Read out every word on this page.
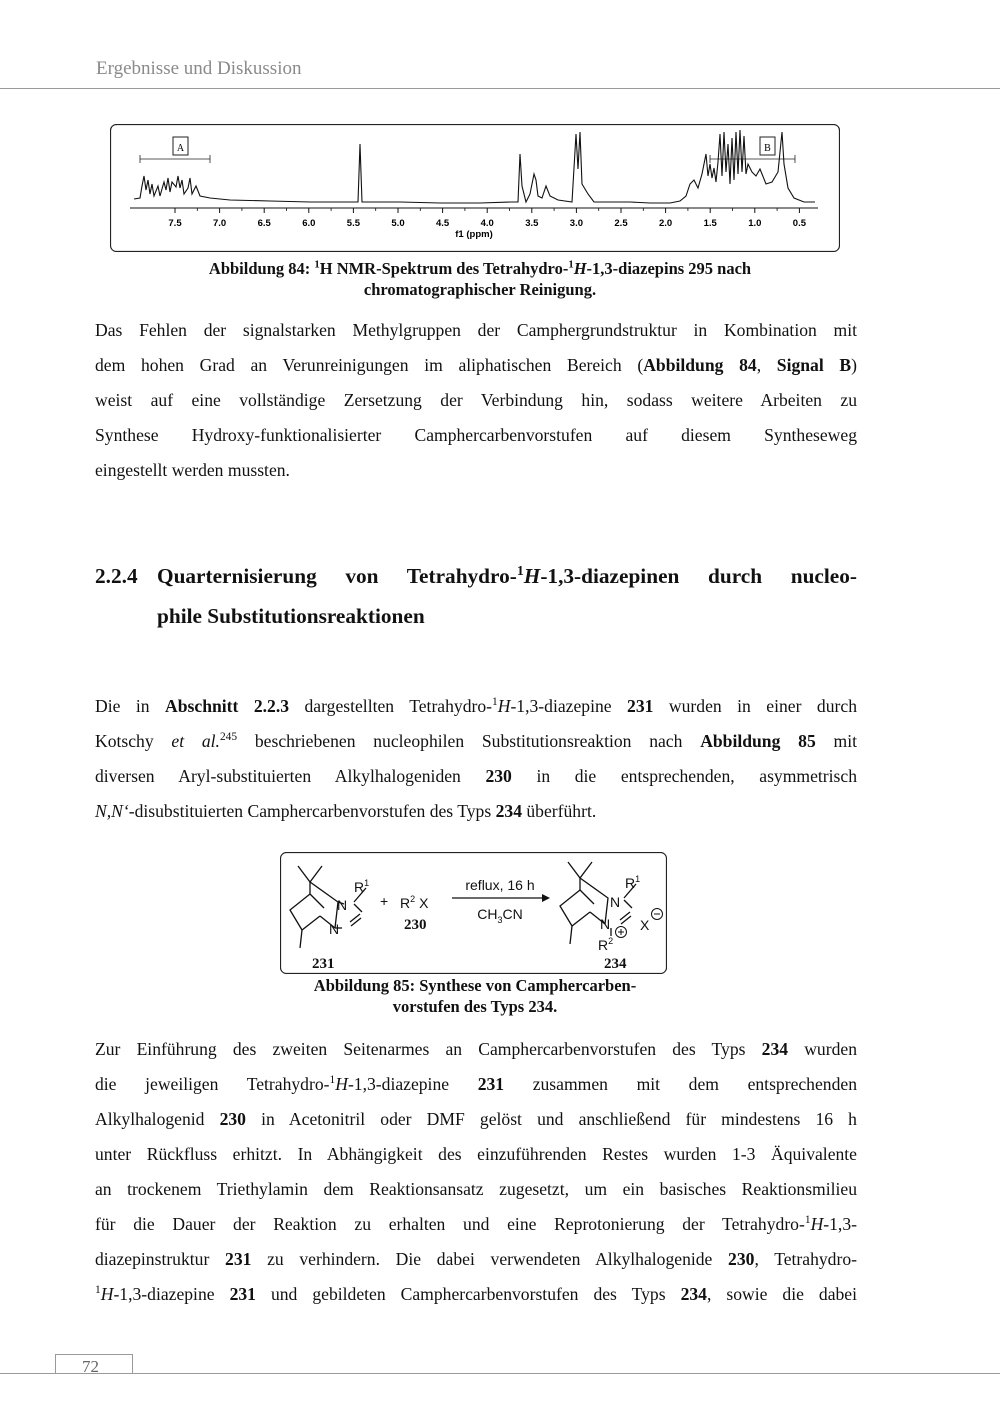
Ergebnisse und Diskussion
A	B
7.5	7.0	6.5	6.0	5.5	5.0	4.5	4.0	3.5	3.0	2.5	2.0	1.5	1.0	0.5
f1 (ppm)
Abbildung 84: $^1$H NMR-Spektrum des Tetrahydro-$^1$H-1,3-diazepins 295 nach
chromatographischer Reinigung.
Das Fehlen der signalstarken Methylgruppen der Camphergrundstruktur in Kombination mit
dem hohen Grad an Verunreinigungen im aliphatischen Bereich (Abbildung 84, Signal B)
weist auf eine vollständige Zersetzung der Verbindung hin, sodass weitere Arbeiten zu
Synthese Hydroxy-funktionalisierter Camphercarbenvorstufen auf diesem Syntheseweg
eingestellt werden mussten.
2.2.4 Quarternisierung von Tetrahydro-$^1$H-1,3-diazepinen durch nucleo-
phile Substitutionsreaktionen
Die in Abschnitt 2.2.3 dargestellten Tetrahydro-$^1$H-1,3-diazepine 231 wurden in einer durch
Kotschy et al.$^{245}$ beschriebenen nucleophilen Substitutionsreaktion nach Abbildung 85 mit
diversen Aryl-substituierten Alkylhalogeniden 230 in die entsprechenden, asymmetrisch
N,N‘-disubstituierten Camphercarbenvorstufen des Typs 234 überführt.
$R^1$
N
N
+ $R^2$ X
reflux, 16 h
$CH_3CN$
230
$R^1$
N
N X
$R^2$
231	234
Abbildung 85: Synthese von Camphercarben-
vorstufen des Typs 234.
Zur Einführung des zweiten Seitenarmes an Camphercarbenvorstufen des Typs 234 wurden
die jeweiligen Tetrahydro-$^1$H-1,3-diazepine 231 zusammen mit dem entsprechenden
Alkylhalogenid 230 in Acetonitril oder DMF gelöst und anschließend für mindestens 16 h
unter Rückfluss erhitzt. In Abhängigkeit des einzuführenden Restes wurden 1-3 Äquivalente
an trockenem Triethylamin dem Reaktionsansatz zugesetzt, um ein basisches Reaktionsmilieu
für die Dauer der Reaktion zu erhalten und eine Reprotonierung der Tetrahydro-$^1$H-1,3-
diazepinstruktur 231 zu verhindern. Die dabei verwendeten Alkylhalogenide 230, Tetrahydro-
$^1$H-1,3-diazepine 231 und gebildeten Camphercarbenvorstufen des Typs 234, sowie die dabei
72
